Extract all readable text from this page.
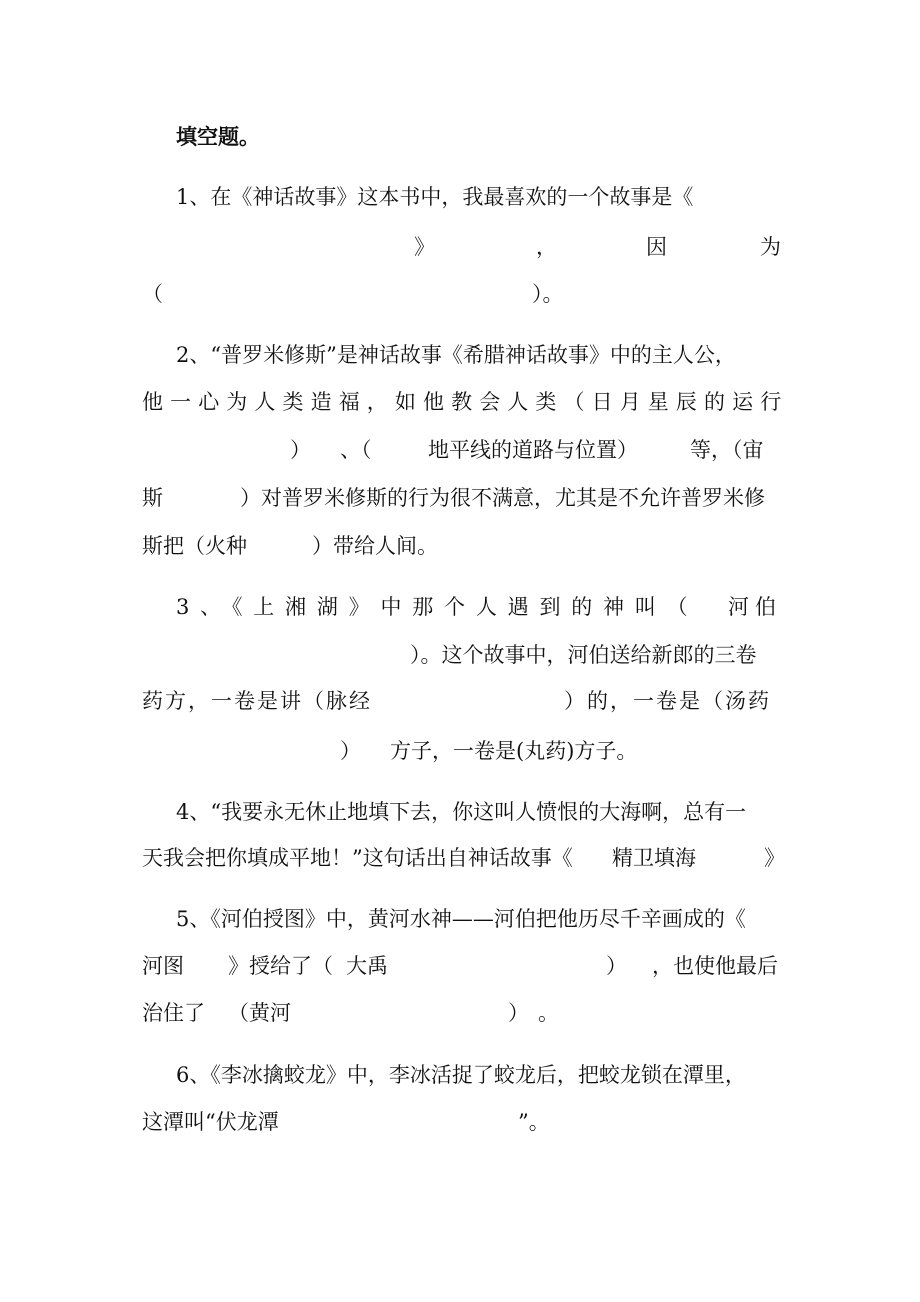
填空题。
1、在《神话故事》这本书中，我最喜欢的一个故事是《
》	，	因	为
（	）。
2、“普罗米修斯”是神话故事《希腊神话故事》中的主人公，
他一心为人类造福，如他教会人类（日月星辰的运行
） 、（	地平线的道路与位置） 等，（宙
斯	）对普罗米修斯的行为很不满意，尤其是不允许普罗米修
斯把（火种	）带给人间。
3、《上湘湖》中那个人遇到的神叫（ 河伯
）。这个故事中，河伯送给新郎的三卷
药方，一卷是讲（脉经	）的，一卷是（汤药
） 方子，一卷是(丸药)方子。
4、“我要永无休止地填下去，你这叫人愤恨的大海啊，总有一
天我会把你填成平地！”这句话出自神话故事《 精卫填海	》
5、《河伯授图》中，黄河水神——河伯把他历尽千辛画成的《
河图 》授给了（ 大禹	） ，也使他最后
治住了 （黄河	） 。
6、《李冰擒蛟龙》中，李冰活捉了蛟龙后，把蛟龙锁在潭里，
这潭叫“伏龙潭	”。
